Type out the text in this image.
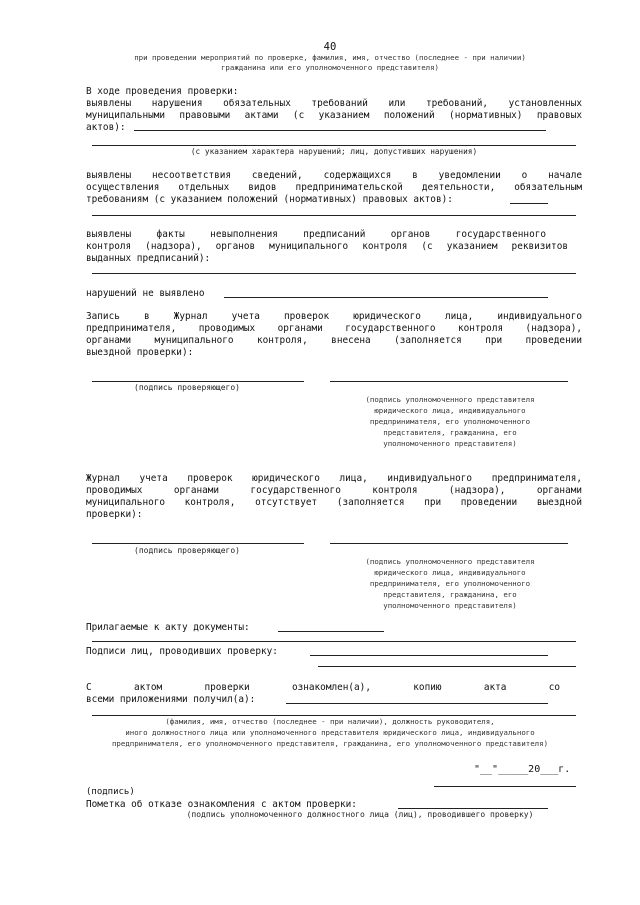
40
при проведении мероприятий по проверке, фамилия, имя, отчество (последнее - при наличии)
гражданина или его уполномоченного представителя)
В ходе проведения проверки:
выявлены нарушения обязательных требований или требований, установленных
муниципальными правовыми актами (с указанием положений (нормативных) правовых
актов):
(с указанием характера нарушений; лиц, допустивших нарушения)
выявлены несоответствия сведений, содержащихся в уведомлении о начале
осуществления отдельных видов предпринимательской деятельности, обязательным
требованиям (с указанием положений (нормативных) правовых актов):
выявлены факты невыполнения предписаний органов государственного
контроля (надзора), органов муниципального контроля (с указанием реквизитов
выданных предписаний):
нарушений не выявлено
Запись в Журнал учета проверок юридического лица, индивидуального
предпринимателя, проводимых органами государственного контроля (надзора),
органами муниципального контроля, внесена (заполняется при проведении
выездной проверки):
(подпись проверяющего)
(подпись уполномоченного представителя
юридического лица, индивидуального
предпринимателя, его уполномоченного
представителя, гражданина, его
уполномоченного представителя)
Журнал учета проверок юридического лица, индивидуального предпринимателя,
проводимых органами государственного контроля (надзора), органами
муниципального контроля, отсутствует (заполняется при проведении выездной
проверки):
(подпись проверяющего)
(подпись уполномоченного представителя
юридического лица, индивидуального
предпринимателя, его уполномоченного
представителя, гражданина, его
уполномоченного представителя)
Прилагаемые к акту документы:
Подписи лиц, проводивших проверку:
С актом проверки ознакомлен(а), копию акта со
всеми приложениями получил(а):
(фамилия, имя, отчество (последнее - при наличии), должность руководителя,
иного должностного лица или уполномоченного представителя юридического лица, индивидуального
предпринимателя, его уполномоченного представителя, гражданина, его уполномоченного представителя)
"__"_____20___г.
(подпись)
Пометка об отказе ознакомления с актом проверки:
(подпись уполномоченного должностного лица (лиц), проводившего проверку)
